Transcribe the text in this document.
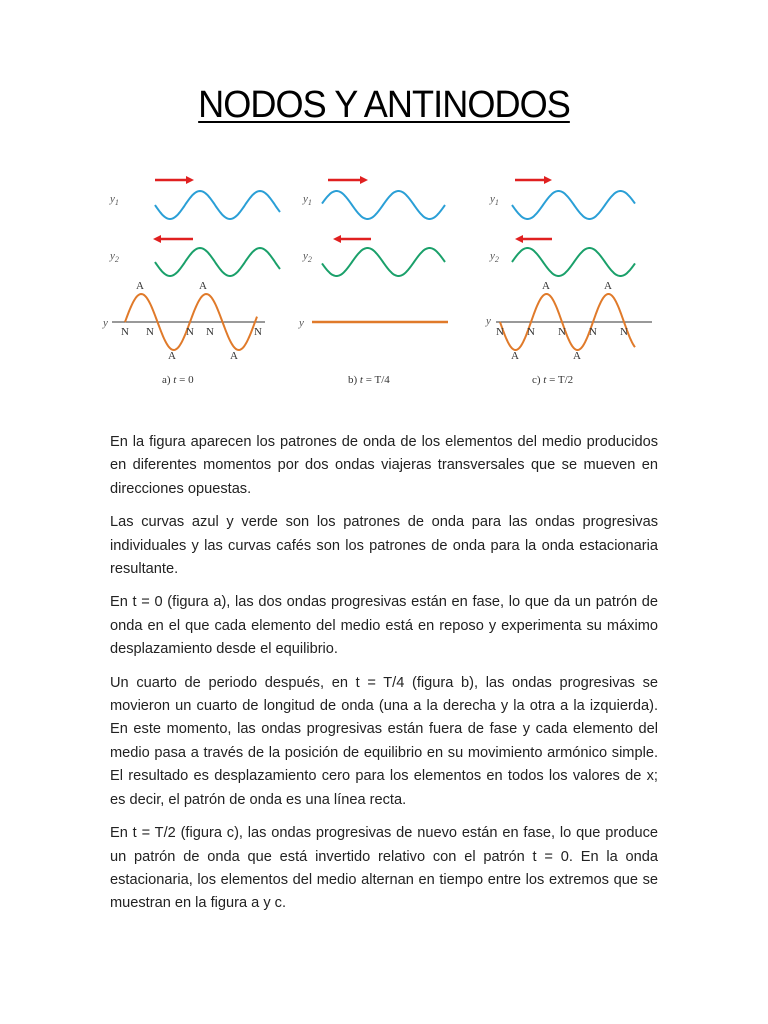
NODOS Y ANTINODOS
$y_1$
$y_2$
y
N N	N N	N
A	A
A	A
a) t = 0
$y_1$
$y_2$
y
b) t = T/4
$y_1$
$y_2$
y
N N N N N
A	A
A	A
c) t = T/2

En la figura aparecen los patrones de onda de los elementos del medio producidos en diferentes momentos por dos ondas viajeras transversales que se mueven en direcciones opuestas.

Las curvas azul y verde son los patrones de onda para las ondas progresivas individuales y las curvas cafés son los patrones de onda para la onda estacionaria resultante.

En t = 0 (figura a), las dos ondas progresivas están en fase, lo que da un patrón de onda en el que cada elemento del medio está en reposo y experimenta su máximo desplazamiento desde el equilibrio.

Un cuarto de periodo después, en t = T/4 (figura b), las ondas progresivas se movieron un cuarto de longitud de onda (una a la derecha y la otra a la izquierda). En este momento, las ondas progresivas están fuera de fase y cada elemento del medio pasa a través de la posición de equilibrio en su movimiento armónico simple. El resultado es desplazamiento cero para los elementos en todos los valores de x; es decir, el patrón de onda es una línea recta.

En t = T/2 (figura c), las ondas progresivas de nuevo están en fase, lo que produce un patrón de onda que está invertido relativo con el patrón t = 0. En la onda estacionaria, los elementos del medio alternan en tiempo entre los extremos que se muestran en la figura a y c.
